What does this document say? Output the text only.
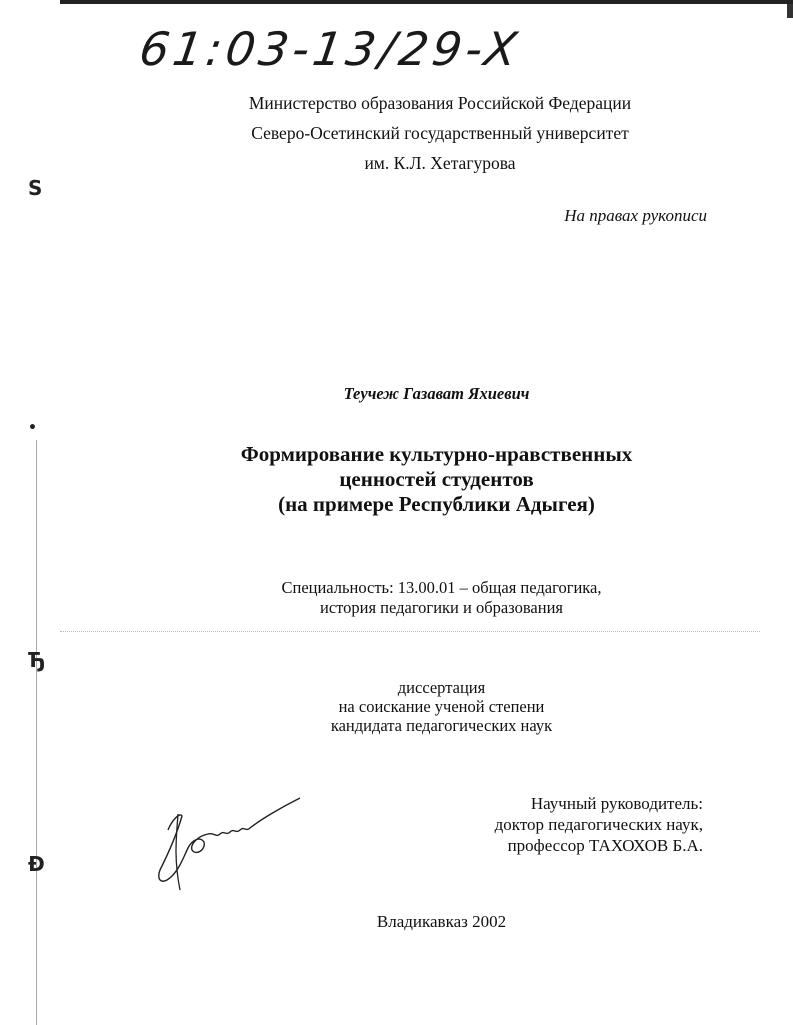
Ѕ
•
Ђ
Ð
61:03-13/29-X
Министерство образования Российской Федерации
Северо-Осетинский государственный университет
им. К.Л. Хетагурова
На правах рукописи
Теучеж Газават Яхиевич
Формирование культурно-нравственных
ценностей студентов
(на примере Республики Адыгея)
Специальность: 13.00.01 – общая педагогика,
история педагогики и образования
диссертация
на соискание ученой степени
кандидата педагогических наук
Научный руководитель:
доктор педагогических наук,
профессор ТАХОХОВ Б.А.
Владикавказ 2002
